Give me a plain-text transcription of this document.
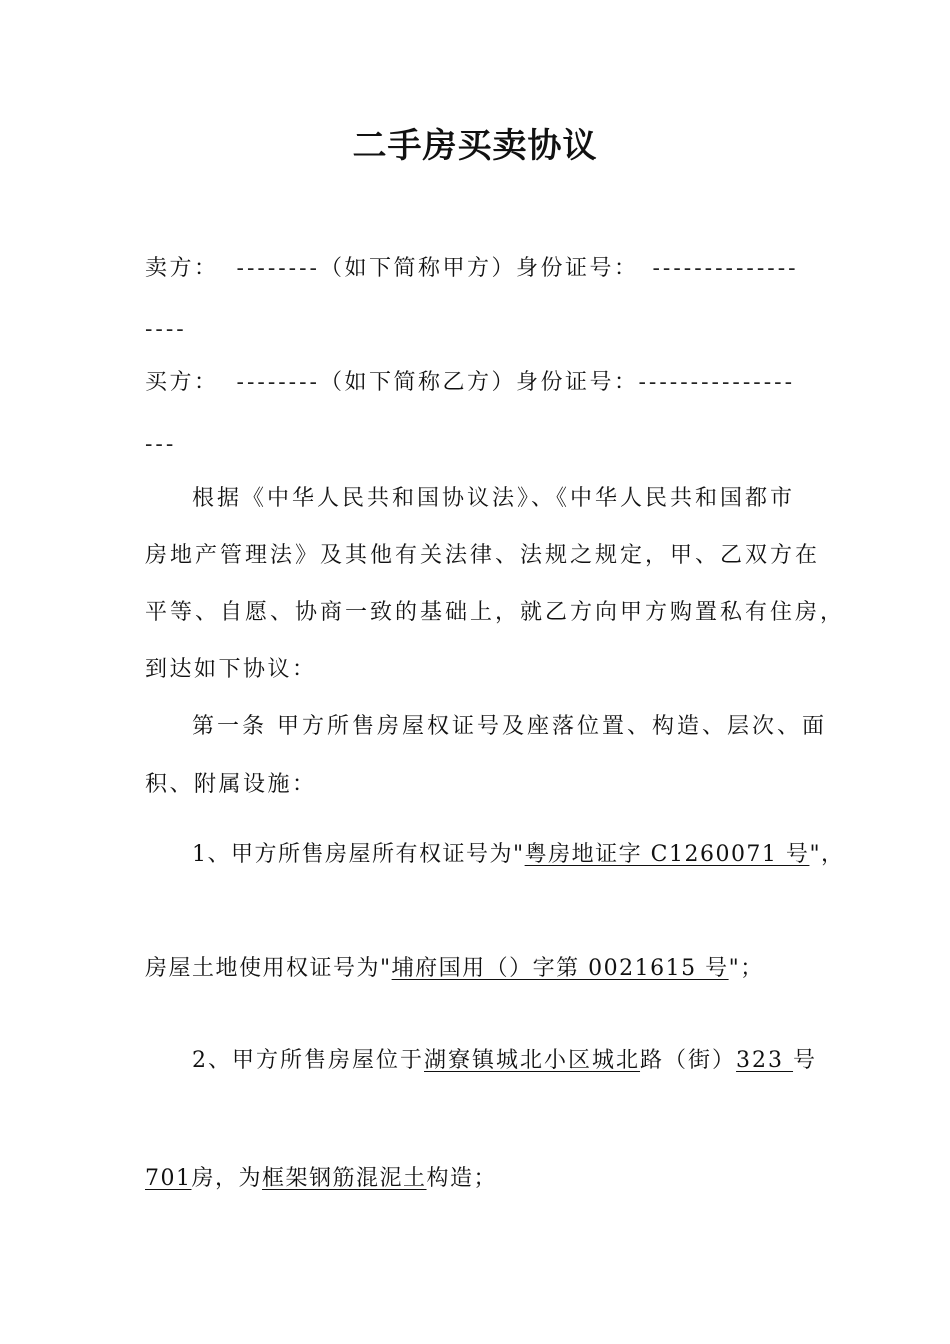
二手房买卖协议
卖方： --------（如下简称甲方）身份证号： --------------
----
买方： --------（如下简称乙方）身份证号：---------------
---
根据《中华人民共和国协议法》、《中华人民共和国都市
房地产管理法》及其他有关法律、法规之规定，甲、乙双方在
平等、自愿、协商一致的基础上，就乙方向甲方购置私有住房，
到达如下协议：
第一条 甲方所售房屋权证号及座落位置、构造、层次、面
积、附属设施：
1、甲方所售房屋所有权证号为"粤房地证字 C1260071 号"，
房屋土地使用权证号为"埔府国用（）字第 0021615 号"；
2、甲方所售房屋位于湖寮镇城北小区城北路（街）323 号
701房，为框架钢筋混泥土构造；
